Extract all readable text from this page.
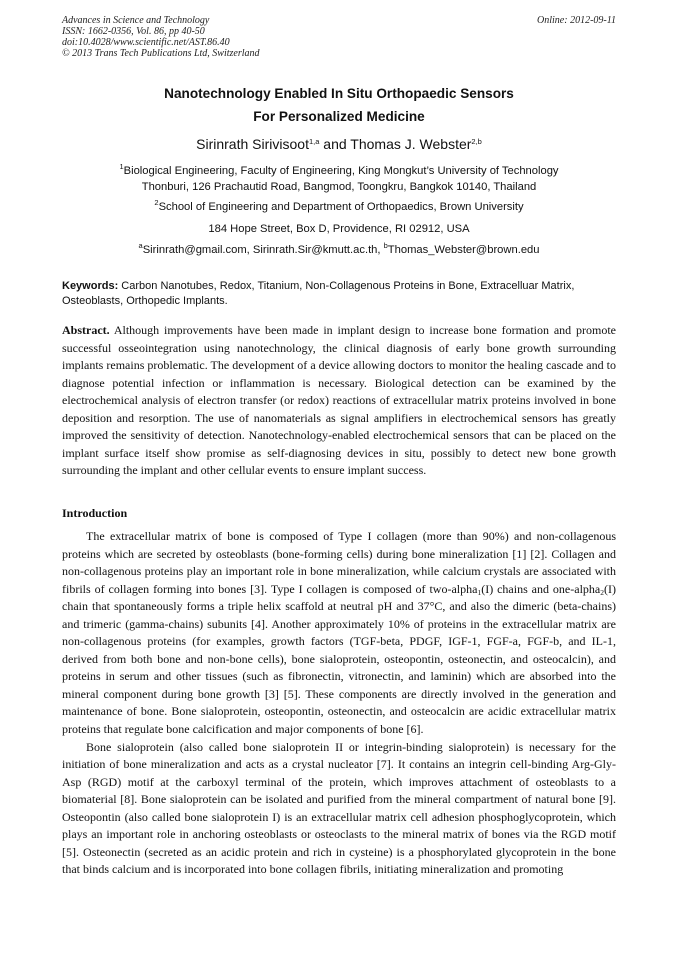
Advances in Science and Technology
ISSN: 1662-0356, Vol. 86, pp 40-50
doi:10.4028/www.scientific.net/AST.86.40
© 2013 Trans Tech Publications Ltd, Switzerland
Online: 2012-09-11
Nanotechnology Enabled In Situ Orthopaedic Sensors
For Personalized Medicine
Sirinrath Sirivisoot$^{1,a}$ and Thomas J. Webster$^{2,b}$
$^1$Biological Engineering, Faculty of Engineering, King Mongkut’s University of Technology
Thonburi, 126 Prachautid Road, Bangmod, Toongkru, Bangkok 10140, Thailand
$^2$School of Engineering and Department of Orthopaedics, Brown University
184 Hope Street, Box D, Providence, RI 02912, USA
$^a$Sirinrath@gmail.com, Sirinrath.Sir@kmutt.ac.th, $^b$Thomas_Webster@brown.edu
Keywords: Carbon Nanotubes, Redox, Titanium, Non-Collagenous Proteins in Bone, Extracelluar Matrix, Osteoblasts, Orthopedic Implants.
Abstract. Although improvements have been made in implant design to increase bone formation and promote successful osseointegration using nanotechnology, the clinical diagnosis of early bone growth surrounding implants remains problematic. The development of a device allowing doctors to monitor the healing cascade and to diagnose potential infection or inflammation is necessary. Biological detection can be examined by the electrochemical analysis of electron transfer (or redox) reactions of extracellular matrix proteins involved in bone deposition and resorption. The use of nanomaterials as signal amplifiers in electrochemical sensors has greatly improved the sensitivity of detection. Nanotechnology-enabled electrochemical sensors that can be placed on the implant surface itself show promise as self-diagnosing devices in situ, possibly to detect new bone growth surrounding the implant and other cellular events to ensure implant success.
Introduction

The extracellular matrix of bone is composed of Type I collagen (more than 90%) and non-collagenous proteins which are secreted by osteoblasts (bone-forming cells) during bone mineralization [1] [2]. Collagen and non-collagenous proteins play an important role in bone mineralization, while calcium crystals are associated with fibrils of collagen forming into bones [3]. Type I collagen is composed of two-alpha$_1$(I) chains and one-alpha$_2$(I) chain that spontaneously forms a triple helix scaffold at neutral pH and 37°C, and also the dimeric (beta-chains) and trimeric (gamma-chains) subunits [4]. Another approximately 10% of proteins in the extracellular matrix are non-collagenous proteins (for examples, growth factors (TGF-beta, PDGF, IGF-1, FGF-a, FGF-b, and IL-1, derived from both bone and non-bone cells), bone sialoprotein, osteopontin, osteonectin, and osteocalcin), and proteins in serum and other tissues (such as fibronectin, vitronectin, and laminin) which are absorbed into the mineral component during bone growth [3] [5]. These components are directly involved in the generation and maintenance of bone. Bone sialoprotein, osteopontin, osteonectin, and osteocalcin are acidic extracellular matrix proteins that regulate bone calcification and major components of bone [6].

Bone sialoprotein (also called bone sialoprotein II or integrin-binding sialoprotein) is necessary for the initiation of bone mineralization and acts as a crystal nucleator [7]. It contains an integrin cell-binding Arg-Gly-Asp (RGD) motif at the carboxyl terminal of the protein, which improves attachment of osteoblasts to a biomaterial [8]. Bone sialoprotein can be isolated and purified from the mineral compartment of natural bone [9]. Osteopontin (also called bone sialoprotein I) is an extracellular matrix cell adhesion phosphoglycoprotein, which plays an important role in anchoring osteoblasts or osteoclasts to the mineral matrix of bones via the RGD motif [5]. Osteonectin (secreted as an acidic protein and rich in cysteine) is a phosphorylated glycoprotein in the bone that binds calcium and is incorporated into bone collagen fibrils, initiating mineralization and promoting
